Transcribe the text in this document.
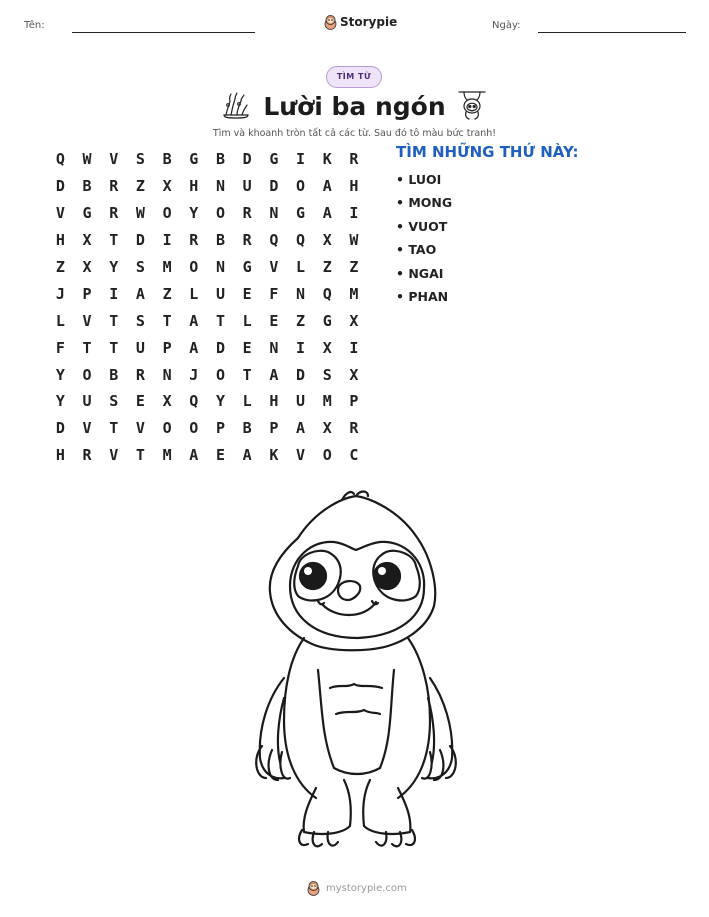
Tên:	Ngày:
Storypie
TÌM TỪ
Lười ba ngón
Tìm và khoanh tròn tất cả các từ. Sau đó tô màu bức tranh!
Q	W	V	S	B	G	B	D	G	I	K	R
D	B	R	Z	X	H	N	U	D	O	A	H
V	G	R	W	O	Y	O	R	N	G	A	I
H	X	T	D	I	R	B	R	Q	Q	X	W
Z	X	Y	S	M	O	N	G	V	L	Z	Z
J	P	I	A	Z	L	U	E	F	N	Q	M
L	V	T	S	T	A	T	L	E	Z	G	X
F	T	T	U	P	A	D	E	N	I	X	I
Y	O	B	R	N	J	O	T	A	D	S	X
Y	U	S	E	X	Q	Y	L	H	U	M	P
D	V	T	V	O	O	P	B	P	A	X	R
H	R	V	T	M	A	E	A	K	V	O	C
TÌM NHỮNG THỨ NÀY:
• LUOI
• MONG
• VUOT
• TAO
• NGAI
• PHAN
mystorypie.com
